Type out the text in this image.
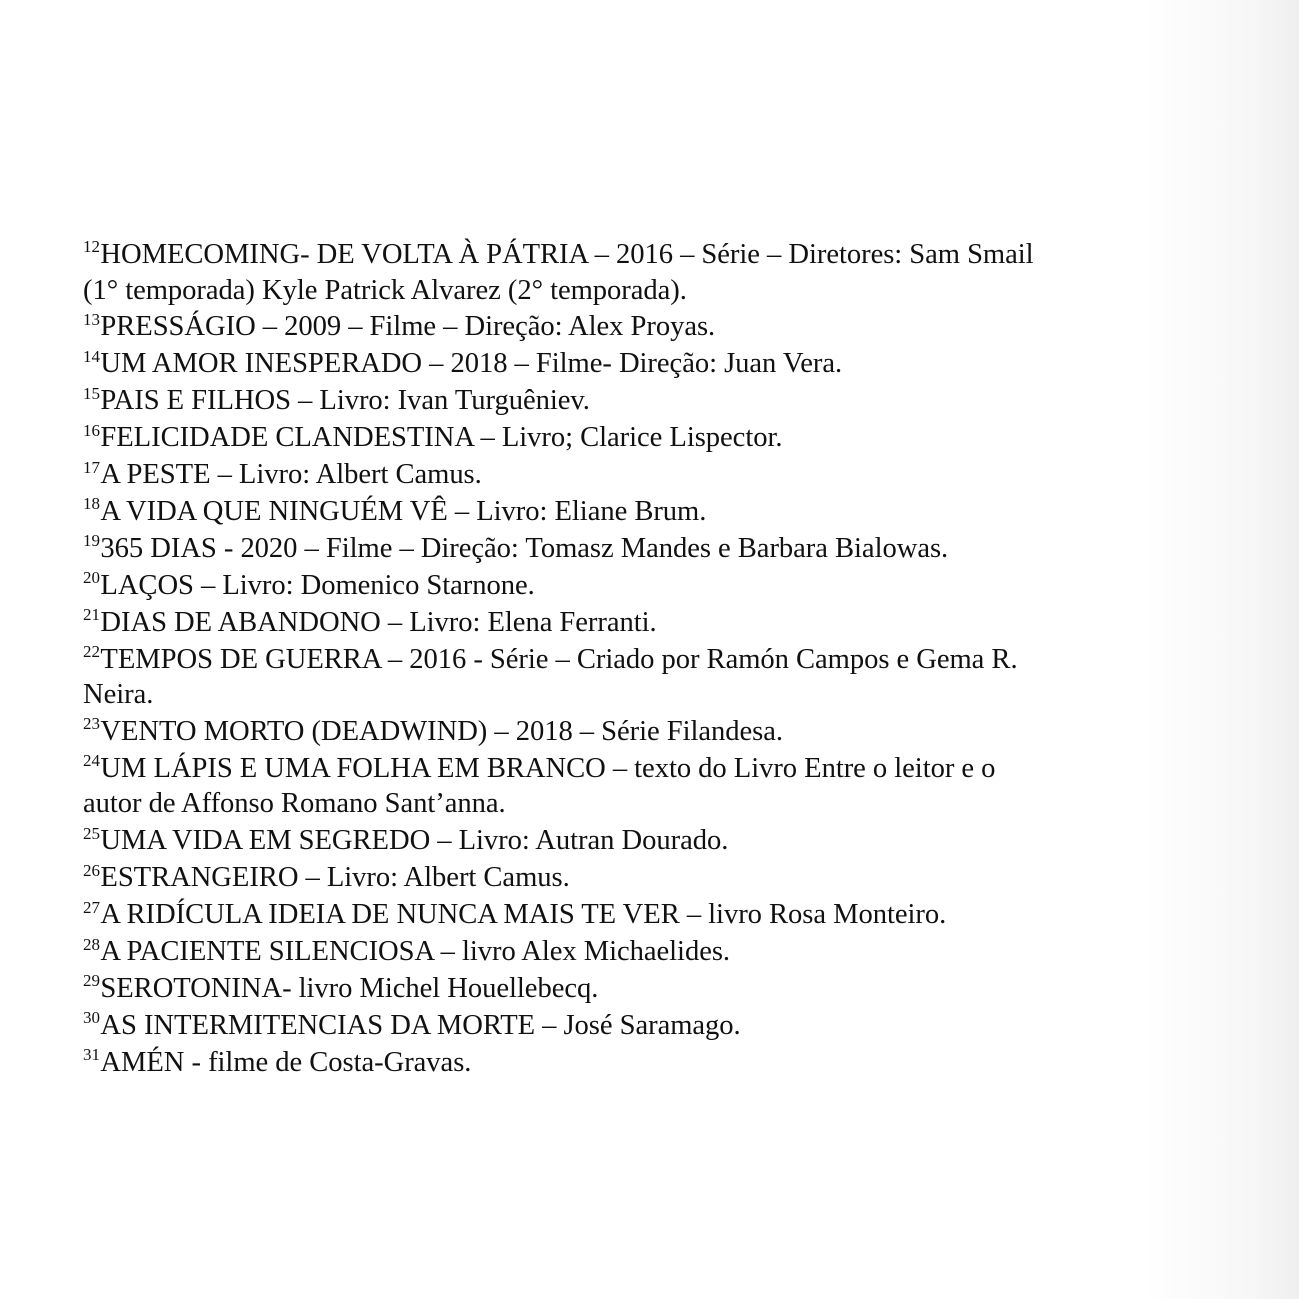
$^{12}$HOMECOMING- DE VOLTA À PÁTRIA – 2016 – Série – Diretores: Sam Smail (1° temporada) Kyle Patrick Alvarez (2° temporada).
$^{13}$PRESSÁGIO – 2009 – Filme – Direção: Alex Proyas.
$^{14}$UM AMOR INESPERADO – 2018 – Filme- Direção: Juan Vera.
$^{15}$PAIS E FILHOS – Livro: Ivan Turguêniev.
$^{16}$FELICIDADE CLANDESTINA – Livro; Clarice Lispector.
$^{17}$A PESTE – Livro: Albert Camus.
$^{18}$A VIDA QUE NINGUÉM VÊ – Livro: Eliane Brum.
$^{19}$365 DIAS - 2020 – Filme – Direção: Tomasz Mandes e Barbara Bialowas.
$^{20}$LAÇOS – Livro: Domenico Starnone.
$^{21}$DIAS DE ABANDONO – Livro: Elena Ferranti.
$^{22}$TEMPOS DE GUERRA – 2016 - Série – Criado por Ramón Campos e Gema R. Neira.
$^{23}$VENTO MORTO (DEADWIND) – 2018 – Série Filandesa.
$^{24}$UM LÁPIS E UMA FOLHA EM BRANCO – texto do Livro Entre o leitor e o autor de Affonso Romano Sant’anna.
$^{25}$UMA VIDA EM SEGREDO – Livro: Autran Dourado.
$^{26}$ESTRANGEIRO – Livro: Albert Camus.
$^{27}$A RIDÍCULA IDEIA DE NUNCA MAIS TE VER – livro Rosa Monteiro.
$^{28}$A PACIENTE SILENCIOSA – livro Alex Michaelides.
$^{29}$SEROTONINA- livro Michel Houellebecq.
$^{30}$AS INTERMITENCIAS DA MORTE – José Saramago.
$^{31}$AMÉN - filme de Costa-Gravas.
